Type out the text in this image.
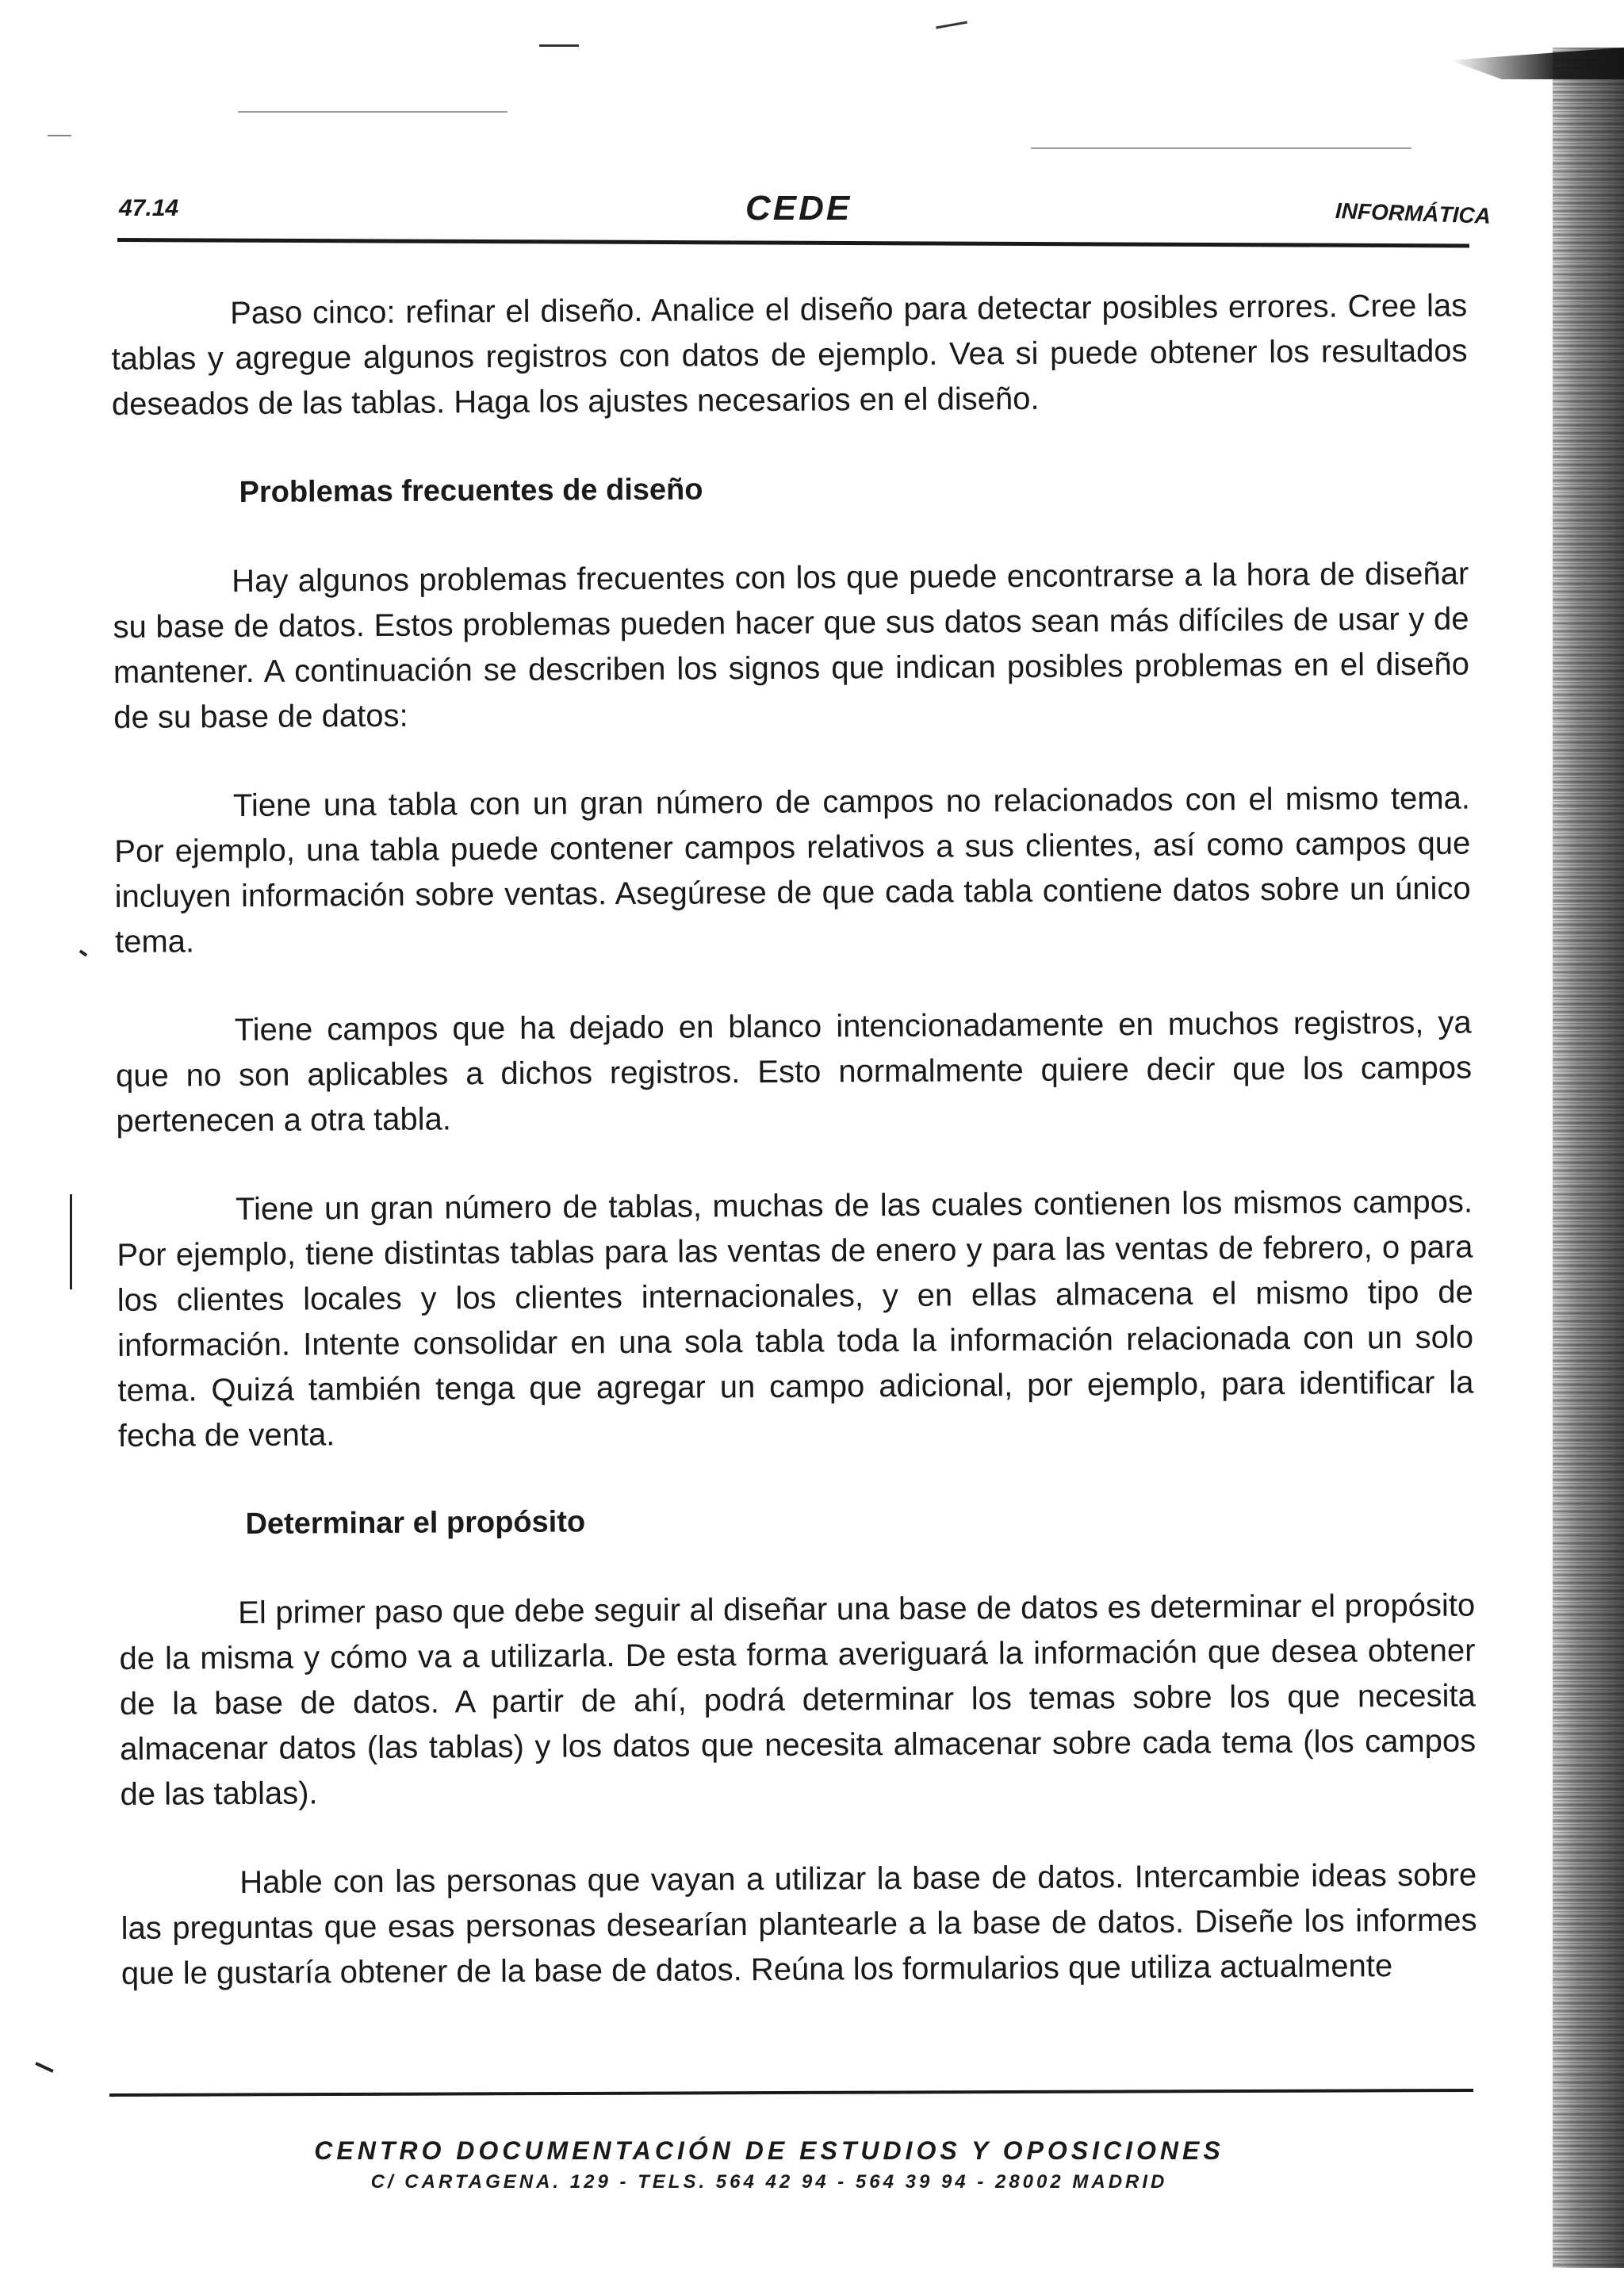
47.14	CEDE	INFORMÁTICA

Paso cinco: refinar el diseño. Analice el diseño para detectar posibles errores. Cree las tablas y agregue algunos registros con datos de ejemplo. Vea si puede obtener los resultados deseados de las tablas. Haga los ajustes necesarios en el diseño.

Problemas frecuentes de diseño

Hay algunos problemas frecuentes con los que puede encontrarse a la hora de diseñar su base de datos. Estos problemas pueden hacer que sus datos sean más difíciles de usar y de mantener. A continuación se describen los signos que indican posibles problemas en el diseño de su base de datos:

Tiene una tabla con un gran número de campos no relacionados con el mismo tema. Por ejemplo, una tabla puede contener campos relativos a sus clientes, así como campos que incluyen información sobre ventas. Asegúrese de que cada tabla contiene datos sobre un único tema.

Tiene campos que ha dejado en blanco intencionadamente en muchos registros, ya que no son aplicables a dichos registros. Esto normalmente quiere decir que los campos pertenecen a otra tabla.

Tiene un gran número de tablas, muchas de las cuales contienen los mismos campos. Por ejemplo, tiene distintas tablas para las ventas de enero y para las ventas de febrero, o para los clientes locales y los clientes internacionales, y en ellas almacena el mismo tipo de información. Intente consolidar en una sola tabla toda la información relacionada con un solo tema. Quizá también tenga que agregar un campo adicional, por ejemplo, para identificar la fecha de venta.

Determinar el propósito

El primer paso que debe seguir al diseñar una base de datos es determinar el propósito de la misma y cómo va a utilizarla. De esta forma averiguará la información que desea obtener de la base de datos. A partir de ahí, podrá determinar los temas sobre los que necesita almacenar datos (las tablas) y los datos que necesita almacenar sobre cada tema (los campos de las tablas).

Hable con las personas que vayan a utilizar la base de datos. Intercambie ideas sobre las preguntas que esas personas desearían plantearle a la base de datos. Diseñe los informes que le gustaría obtener de la base de datos. Reúna los formularios que utiliza actualmente

CENTRO DOCUMENTACIÓN DE ESTUDIOS Y OPOSICIONES
C/ CARTAGENA. 129 - TELS. 564 42 94 - 564 39 94 - 28002 MADRID
